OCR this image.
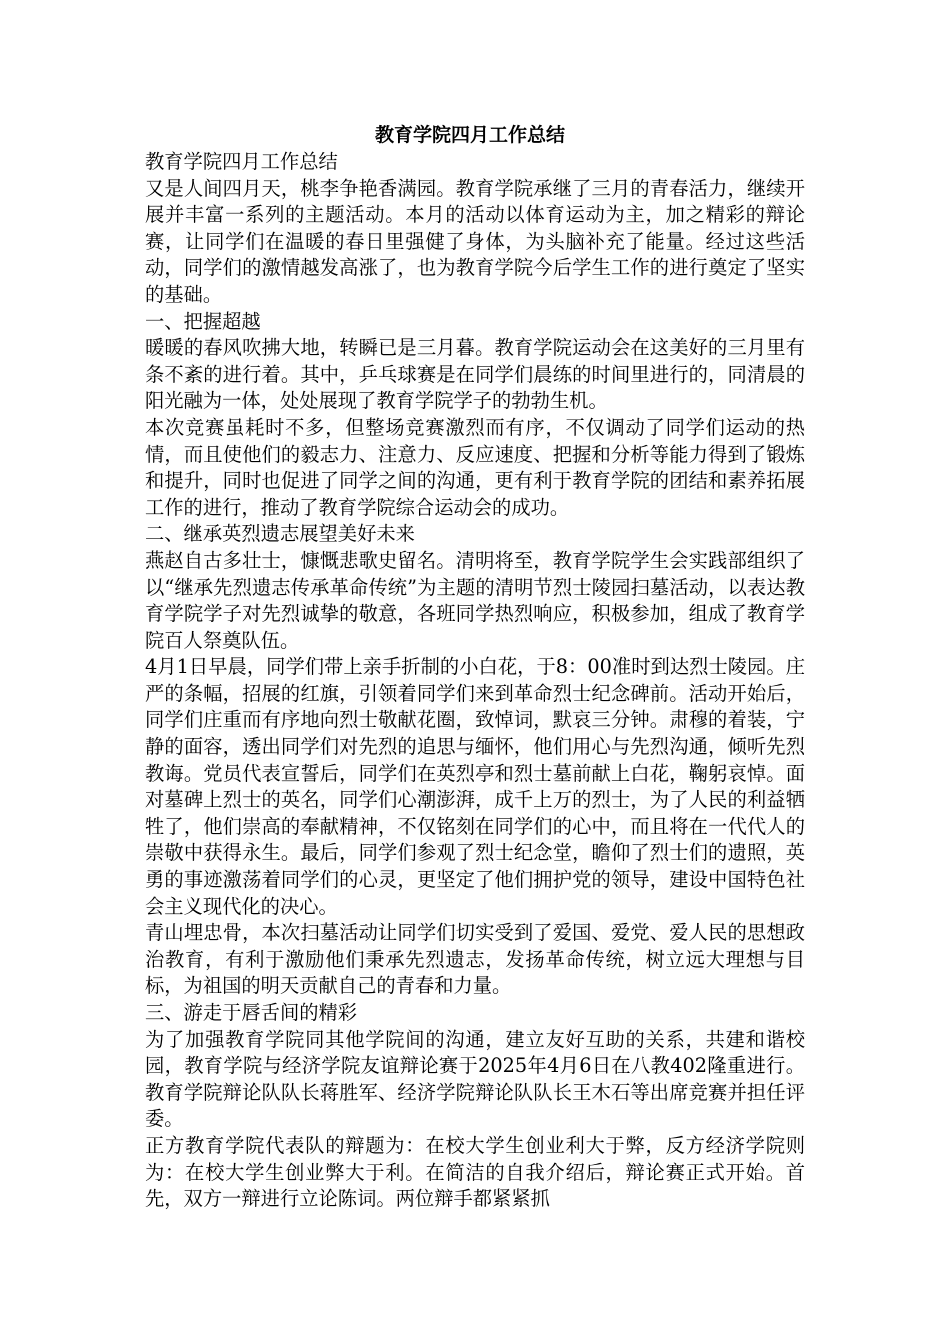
教育学院四月工作总结

教育学院四月工作总结

又是人间四月天，桃李争艳香满园。教育学院承继了三月的青春活力，继续开展并丰富一系列的主题活动。本月的活动以体育运动为主，加之精彩的辩论赛，让同学们在温暖的春日里强健了身体，为头脑补充了能量。经过这些活动，同学们的激情越发高涨了，也为教育学院今后学生工作的进行奠定了坚实的基础。

一、把握超越

暖暖的春风吹拂大地，转瞬已是三月暮。教育学院运动会在这美好的三月里有条不紊的进行着。其中，乒乓球赛是在同学们晨练的时间里进行的，同清晨的阳光融为一体，处处展现了教育学院学子的勃勃生机。

本次竞赛虽耗时不多，但整场竞赛激烈而有序，不仅调动了同学们运动的热情，而且使他们的毅志力、注意力、反应速度、把握和分析等能力得到了锻炼和提升，同时也促进了同学之间的沟通，更有利于教育学院的团结和素养拓展工作的进行，推动了教育学院综合运动会的成功。

二、继承英烈遗志展望美好未来

燕赵自古多壮士，慷慨悲歌史留名。清明将至，教育学院学生会实践部组织了以“继承先烈遗志传承革命传统”为主题的清明节烈士陵园扫墓活动，以表达教育学院学子对先烈诚挚的敬意，各班同学热烈响应，积极参加，组成了教育学院百人祭奠队伍。

4月1日早晨，同学们带上亲手折制的小白花，于8：00准时到达烈士陵园。庄严的条幅，招展的红旗，引领着同学们来到革命烈士纪念碑前。活动开始后，同学们庄重而有序地向烈士敬献花圈，致悼词，默哀三分钟。肃穆的着装，宁静的面容，透出同学们对先烈的追思与缅怀，他们用心与先烈沟通，倾听先烈教诲。党员代表宣誓后，同学们在英烈亭和烈士墓前献上白花，鞠躬哀悼。面对墓碑上烈士的英名，同学们心潮澎湃，成千上万的烈士，为了人民的利益牺牲了，他们崇高的奉献精神，不仅铭刻在同学们的心中，而且将在一代代人的崇敬中获得永生。最后，同学们参观了烈士纪念堂，瞻仰了烈士们的遗照，英勇的事迹激荡着同学们的心灵，更坚定了他们拥护党的领导，建设中国特色社会主义现代化的决心。

青山埋忠骨，本次扫墓活动让同学们切实受到了爱国、爱党、爱人民的思想政治教育，有利于激励他们秉承先烈遗志，发扬革命传统，树立远大理想与目标，为祖国的明天贡献自己的青春和力量。

三、游走于唇舌间的精彩

为了加强教育学院同其他学院间的沟通，建立友好互助的关系，共建和谐校园，教育学院与经济学院友谊辩论赛于2025年4月6日在八教402隆重进行。教育学院辩论队队长蒋胜军、经济学院辩论队队长王木石等出席竞赛并担任评委。

正方教育学院代表队的辩题为：在校大学生创业利大于弊，反方经济学院则为：在校大学生创业弊大于利。在简洁的自我介绍后，辩论赛正式开始。首先，双方一辩进行立论陈词。两位辩手都紧紧抓
